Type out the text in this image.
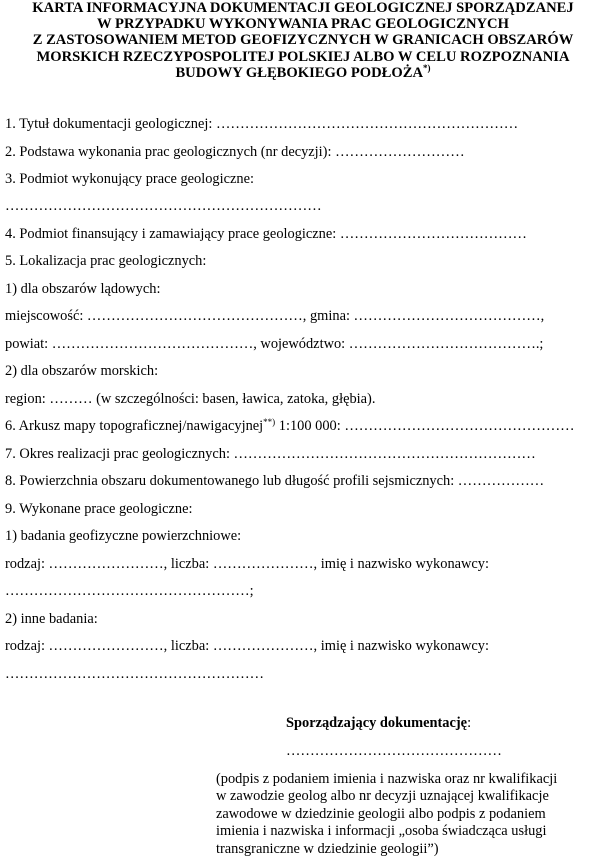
KARTA INFORMACYJNA DOKUMENTACJI GEOLOGICZNEJ SPORZĄDZANEJ
W PRZYPADKU WYKONYWANIA PRAC GEOLOGICZNYCH
Z ZASTOSOWANIEM METOD GEOFIZYCZNYCH W GRANICACH OBSZARÓW
MORSKICH RZECZYPOSPOLITEJ POLSKIEJ ALBO W CELU ROZPOZNANIA
BUDOWY GŁĘBOKIEGO PODŁOŻA*)
1. Tytuł dokumentacji geologicznej: ………………………………………………………
2. Podstawa wykonania prac geologicznych (nr decyzji): ………………………
3. Podmiot wykonujący prace geologiczne:
…………………………………………………………
4. Podmiot finansujący i zamawiający prace geologiczne: …………………………………
5. Lokalizacja prac geologicznych:
1) dla obszarów lądowych:
miejscowość: ………………………………………, gmina: …………………………………,
powiat: ……………………………………, województwo: ………………………………….;
2) dla obszarów morskich:
region: ……… (w szczególności: basen, ławica, zatoka, głębia).
6. Arkusz mapy topograficznej/nawigacyjnej**) 1:100 000: …………………………………………
7. Okres realizacji prac geologicznych: ………………………………………………………
8. Powierzchnia obszaru dokumentowanego lub długość profili sejsmicznych: ………………
9. Wykonane prace geologiczne:
1) badania geofizyczne powierzchniowe:
rodzaj: ……………………, liczba: …………………, imię i nazwisko wykonawcy:
……………………………………………;
2) inne badania:
rodzaj: ……………………, liczba: …………………, imię i nazwisko wykonawcy:
………………………………………………
Sporządzający dokumentację:
………………………………………
(podpis z podaniem imienia i nazwiska oraz nr kwalifikacji
w zawodzie geolog albo nr decyzji uznającej kwalifikacje
zawodowe w dziedzinie geologii albo podpis z podaniem
imienia i nazwiska i informacji „osoba świadcząca usługi
transgraniczne w dziedzinie geologii”)
